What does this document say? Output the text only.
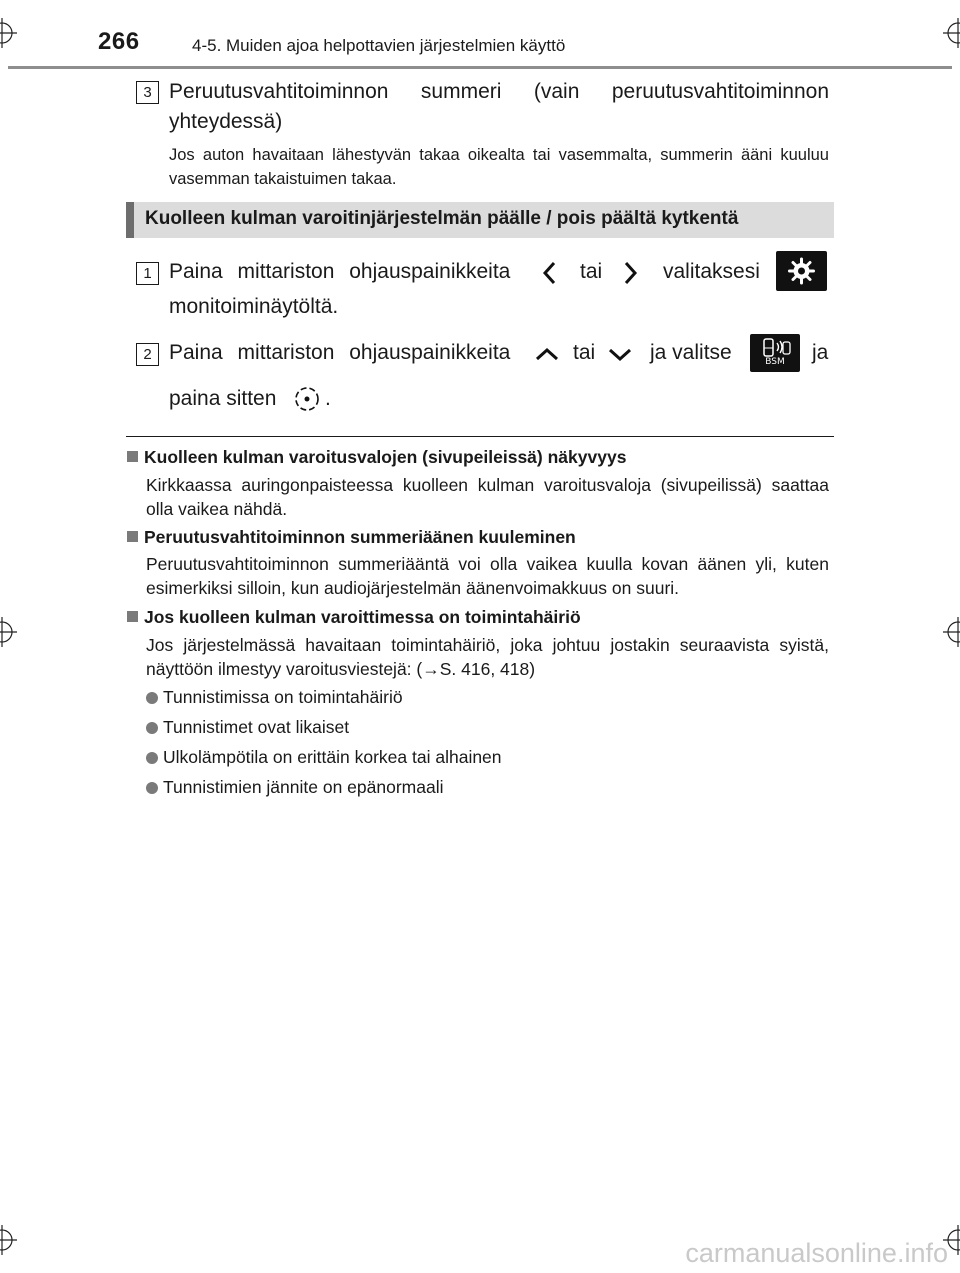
266	4-5. Muiden ajoa helpottavien järjestelmien käyttö
3 Peruutusvahtitoiminnon summeri (vain peruutusvahtitoiminnon yhteydessä)
Jos auton havaitaan lähestyvän takaa oikealta tai vasemmalta, summerin ääni kuuluu vasemman takaistuimen takaa.
Kuolleen kulman varoitinjärjestelmän päälle / pois päältä kytkentä
1 Paina mittariston ohjauspainikkeita	tai	valitaksesi
monitoiminäytöltä.
2 Paina mittariston ohjauspainikkeita	tai	ja valitse	BSM	ja
paina sitten .
Kuolleen kulman varoitusvalojen (sivupeileissä) näkyvyys
Kirkkaassa auringonpaisteessa kuolleen kulman varoitusvaloja (sivupeilissä) saattaa olla vaikea nähdä.
Peruutusvahtitoiminnon summeriäänen kuuleminen
Peruutusvahtitoiminnon summeriääntä voi olla vaikea kuulla kovan äänen yli, kuten esimerkiksi silloin, kun audiojärjestelmän äänenvoimakkuus on suuri.
Jos kuolleen kulman varoittimessa on toimintahäiriö
Jos järjestelmässä havaitaan toimintahäiriö, joka johtuu jostakin seuraavista syistä, näyttöön ilmestyy varoitusviestejä: (→S. 416, 418)
Tunnistimissa on toimintahäiriö
Tunnistimet ovat likaiset
Ulkolämpötila on erittäin korkea tai alhainen
Tunnistimien jännite on epänormaali
carmanualsonline.info
